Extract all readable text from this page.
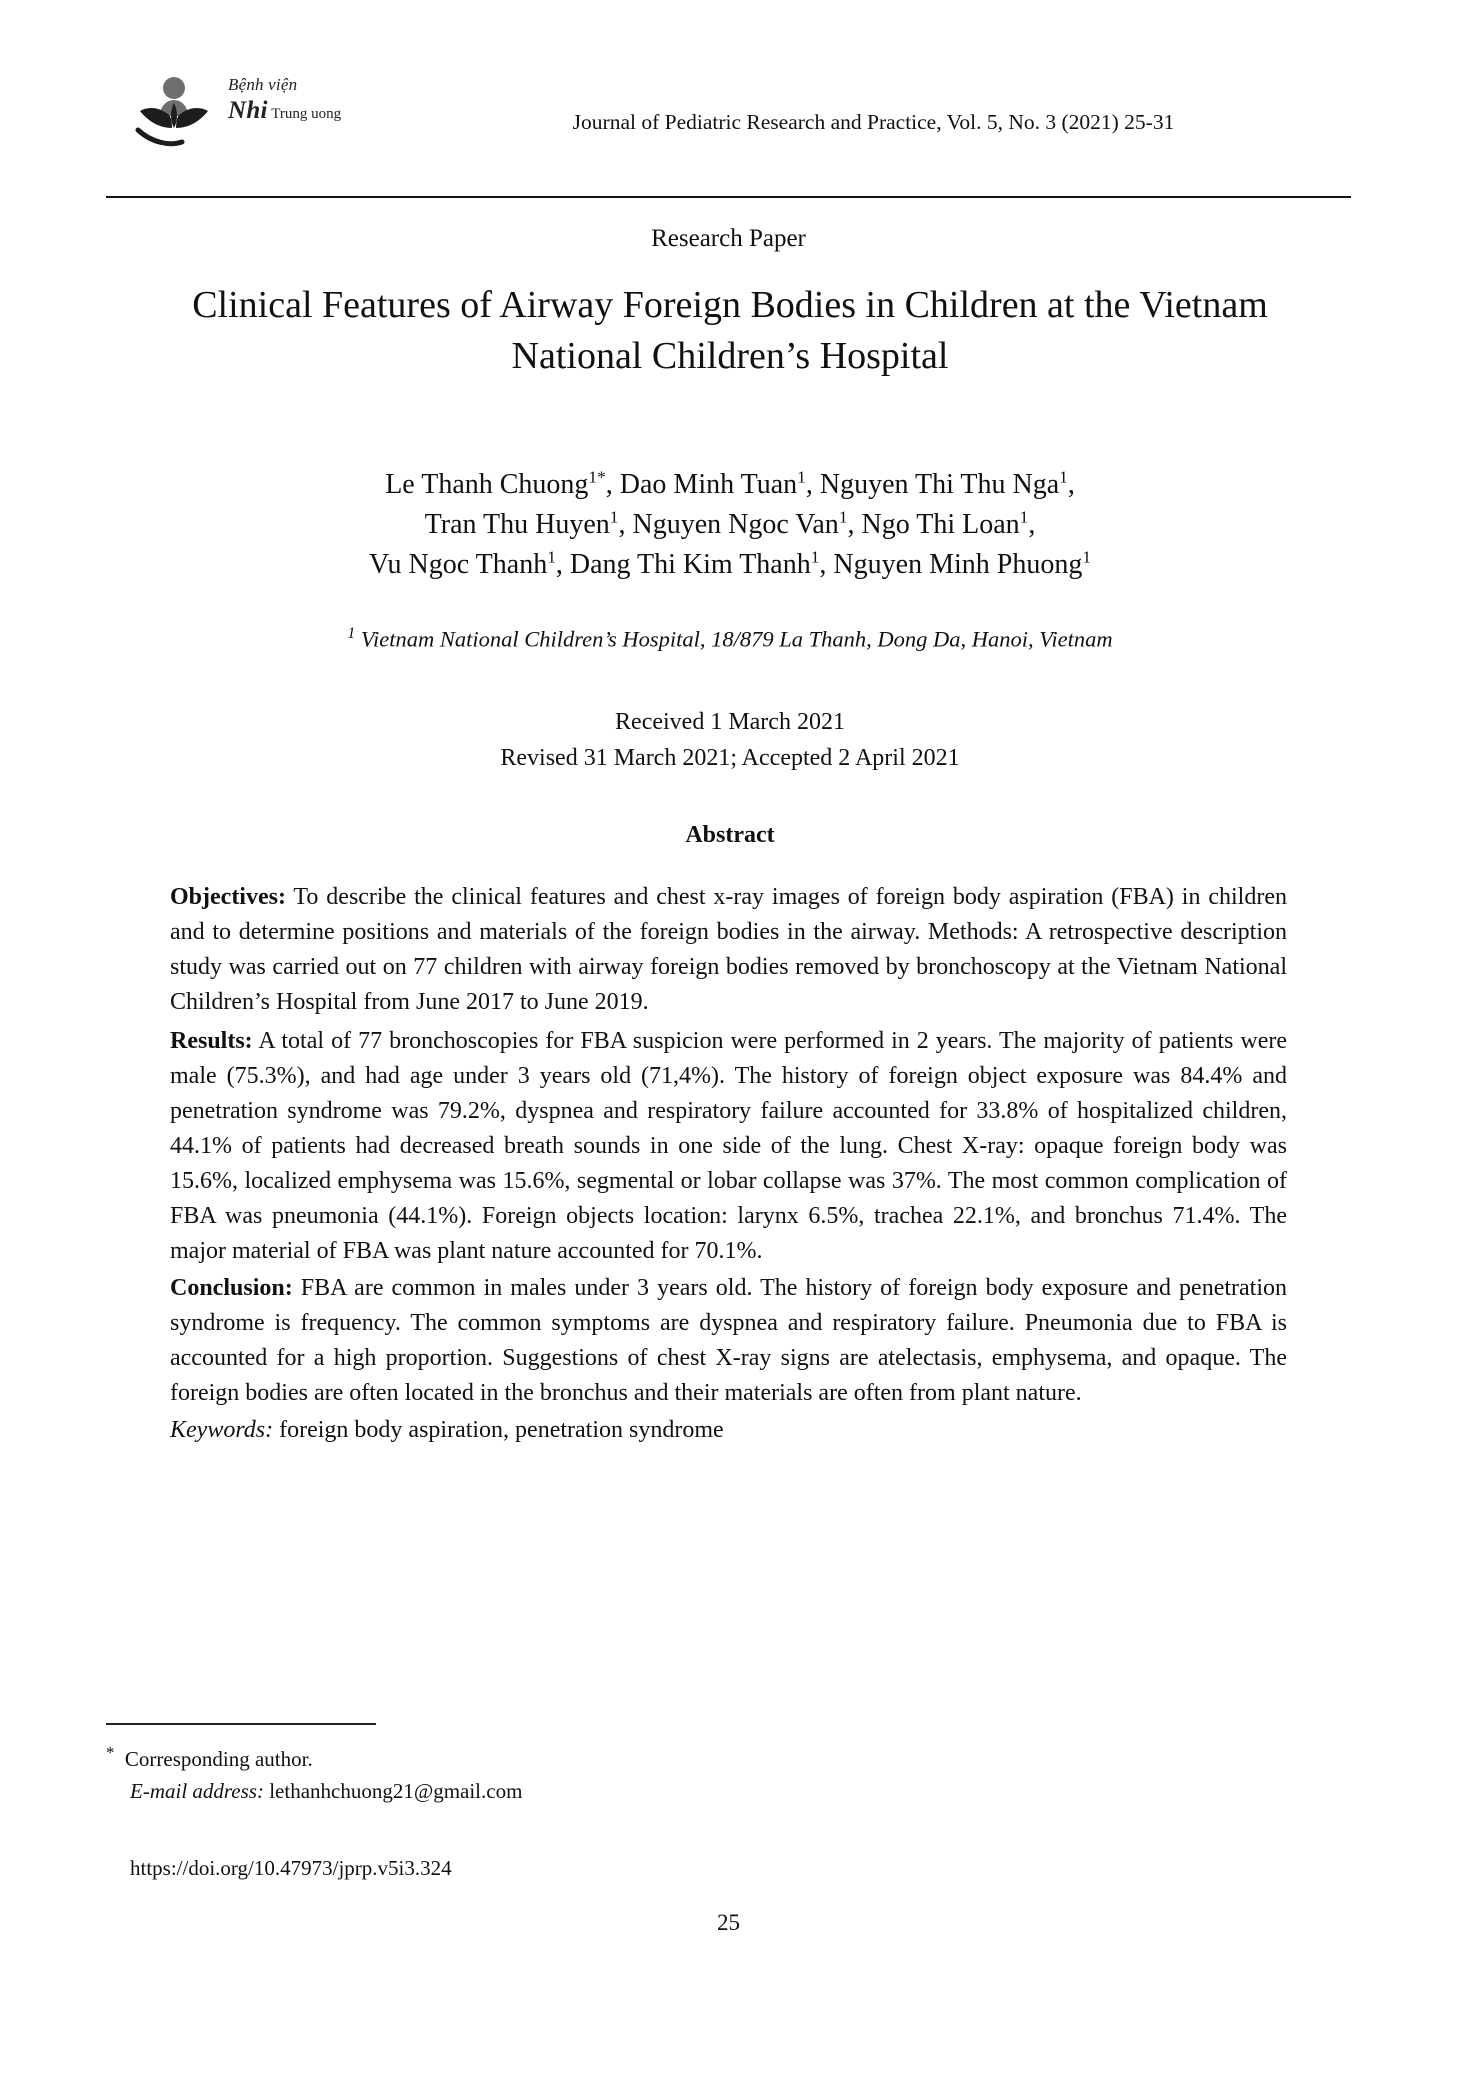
Bệnh viện
Nhi Trung uong	Journal of Pediatric Research and Practice, Vol. 5, No. 3 (2021) 25-31
Research Paper
Clinical Features of Airway Foreign Bodies in Children at the Vietnam National Children’s Hospital
Le Thanh Chuong$^{1*}$, Dao Minh Tuan$^1$, Nguyen Thi Thu Nga$^1$,
Tran Thu Huyen$^1$, Nguyen Ngoc Van$^1$, Ngo Thi Loan$^1$,
Vu Ngoc Thanh$^1$, Dang Thi Kim Thanh$^1$, Nguyen Minh Phuong$^1$
$^1$ Vietnam National Children’s Hospital, 18/879 La Thanh, Dong Da, Hanoi, Vietnam
Received 1 March 2021
Revised 31 March 2021; Accepted 2 April 2021
Abstract

Objectives: To describe the clinical features and chest x-ray images of foreign body aspiration (FBA) in children and to determine positions and materials of the foreign bodies in the airway. Methods: A retrospective description study was carried out on 77 children with airway foreign bodies removed by bronchoscopy at the Vietnam National Children’s Hospital from June 2017 to June 2019.

Results: A total of 77 bronchoscopies for FBA suspicion were performed in 2 years. The majority of patients were male (75.3%), and had age under 3 years old (71,4%). The history of foreign object exposure was 84.4% and penetration syndrome was 79.2%, dyspnea and respiratory failure accounted for 33.8% of hospitalized children, 44.1% of patients had decreased breath sounds in one side of the lung. Chest X-ray: opaque foreign body was 15.6%, localized emphysema was 15.6%, segmental or lobar collapse was 37%. The most common complication of FBA was pneumonia (44.1%). Foreign objects location: larynx 6.5%, trachea 22.1%, and bronchus 71.4%. The major material of FBA was plant nature accounted for 70.1%.

Conclusion: FBA are common in males under 3 years old. The history of foreign body exposure and penetration syndrome is frequency. The common symptoms are dyspnea and respiratory failure. Pneumonia due to FBA is accounted for a high proportion. Suggestions of chest X-ray signs are atelectasis, emphysema, and opaque. The foreign bodies are often located in the bronchus and their materials are often from plant nature.

Keywords: foreign body aspiration, penetration syndrome

* Corresponding author.
E-mail address: lethanhchuong21@gmail.com
https://doi.org/10.47973/jprp.v5i3.324
25
